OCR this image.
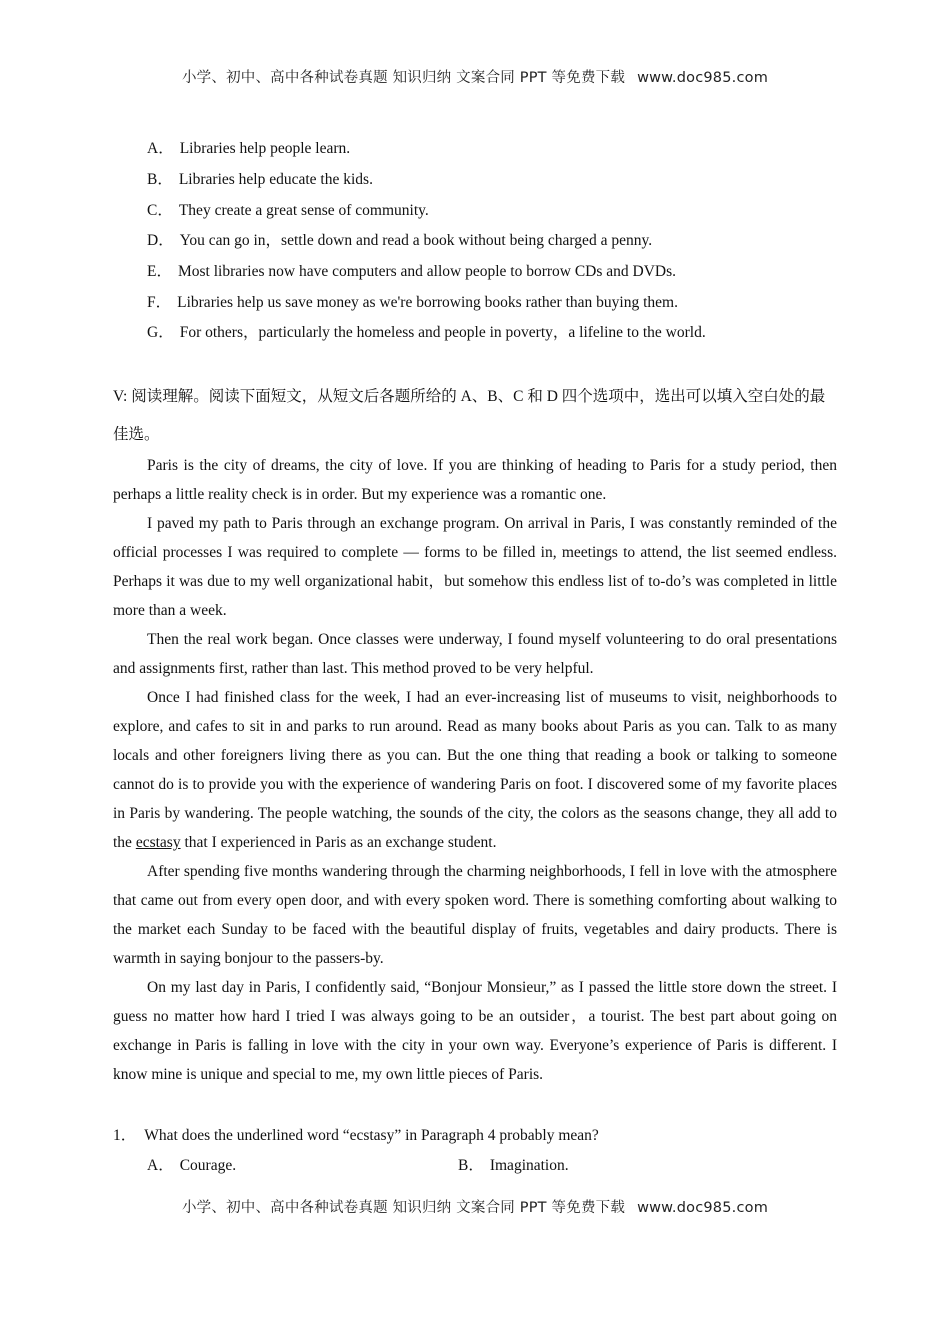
小学、初中、高中各种试卷真题 知识归纳 文案合同 PPT 等免费下载 www.doc985.com
A． Libraries help people learn.
B． Libraries help educate the kids.
C． They create a great sense of community.
D． You can go in，settle down and read a book without being charged a penny.
E． Most libraries now have computers and allow people to borrow CDs and DVDs.
F． Libraries help us save money as we're borrowing books rather than buying them.
G． For others，particularly the homeless and people in poverty，a lifeline to the world.
V: 阅读理解。阅读下面短文，从短文后各题所给的 A、B、C 和 D 四个选项中，选出可以填入空白处的最佳选。

Paris is the city of dreams, the city of love. If you are thinking of heading to Paris for a study period, then perhaps a little reality check is in order. But my experience was a romantic one.

I paved my path to Paris through an exchange program. On arrival in Paris, I was constantly reminded of the official processes I was required to complete — forms to be filled in, meetings to attend, the list seemed endless. Perhaps it was due to my well organizational habit，but somehow this endless list of to-do’s was completed in little more than a week.

Then the real work began. Once classes were underway, I found myself volunteering to do oral presentations and assignments first, rather than last. This method proved to be very helpful.

Once I had finished class for the week, I had an ever-increasing list of museums to visit, neighborhoods to explore, and cafes to sit in and parks to run around. Read as many books about Paris as you can. Talk to as many locals and other foreigners living there as you can. But the one thing that reading a book or talking to someone cannot do is to provide you with the experience of wandering Paris on foot. I discovered some of my favorite places in Paris by wandering. The people watching, the sounds of the city, the colors as the seasons change, they all add to the ecstasy that I experienced in Paris as an exchange student.

After spending five months wandering through the charming neighborhoods, I fell in love with the atmosphere that came out from every open door, and with every spoken word. There is something comforting about walking to the market each Sunday to be faced with the beautiful display of fruits, vegetables and dairy products. There is warmth in saying bonjour to the passers-by.

On my last day in Paris, I confidently said, “Bonjour Monsieur,” as I passed the little store down the street. I guess no matter how hard I tried I was always going to be an outsider，a tourist. The best part about going on exchange in Paris is falling in love with the city in your own way. Everyone’s experience of Paris is different. I know mine is unique and special to me, my own little pieces of Paris.

1． What does the underlined word “ecstasy” in Paragraph 4 probably mean?
A． Courage.	B． Imagination.
小学、初中、高中各种试卷真题 知识归纳 文案合同 PPT 等免费下载 www.doc985.com
